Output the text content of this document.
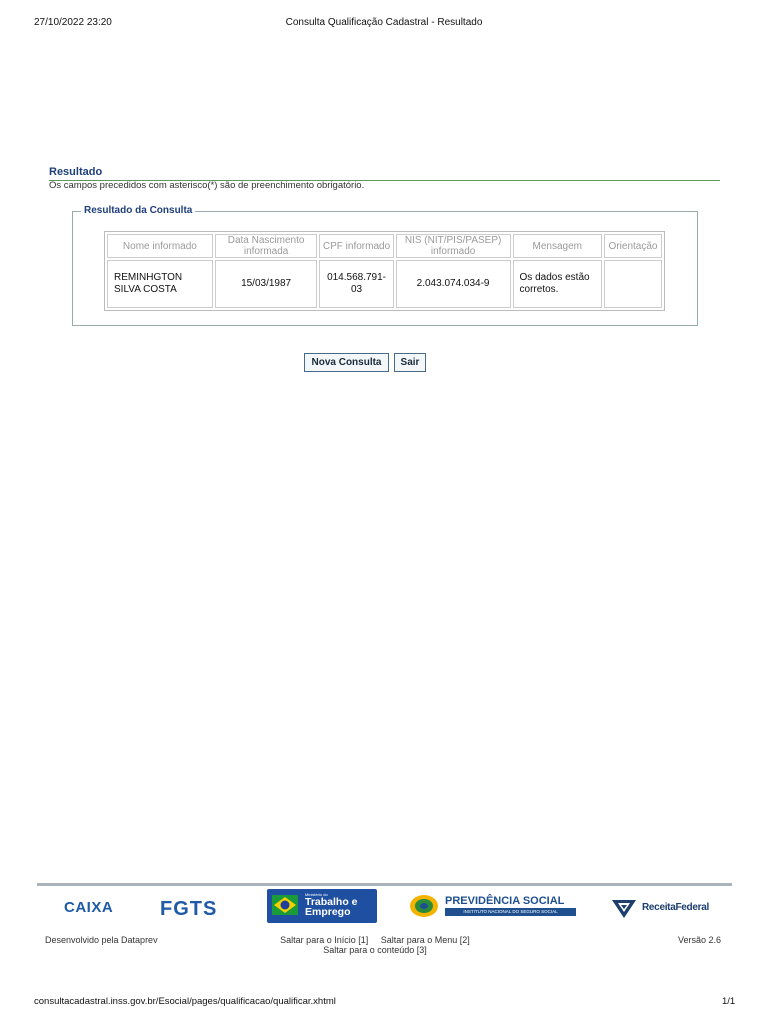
27/10/2022 23:20	Consulta Qualificação Cadastral - Resultado
Resultado
Os campos precedidos com asterisco(*) são de preenchimento obrigatório.
Resultado da Consulta
Nome informado	Data Nascimento informada	CPF informado	NIS (NIT/PIS/PASEP) informado	Mensagem	Orientação
REMINHGTON SILVA COSTA	15/03/1987	014.568.791-03	2.043.074.034-9	Os dados estão corretos.	
Nova Consulta	Sair
CAIXA FGTS
Ministério do
Trabalho e Emprego
PREVIDÊNCIA SOCIAL
INSTITUTO NACIONAL DO SEGURO SOCIAL	ReceitaFederal
Desenvolvido pela Dataprev	Saltar para o Início [1] Saltar para o Menu [2]
Saltar para o conteúdo [3]
Versão 2.6
consultacadastral.inss.gov.br/Esocial/pages/qualificacao/qualificar.xhtml	1/1
